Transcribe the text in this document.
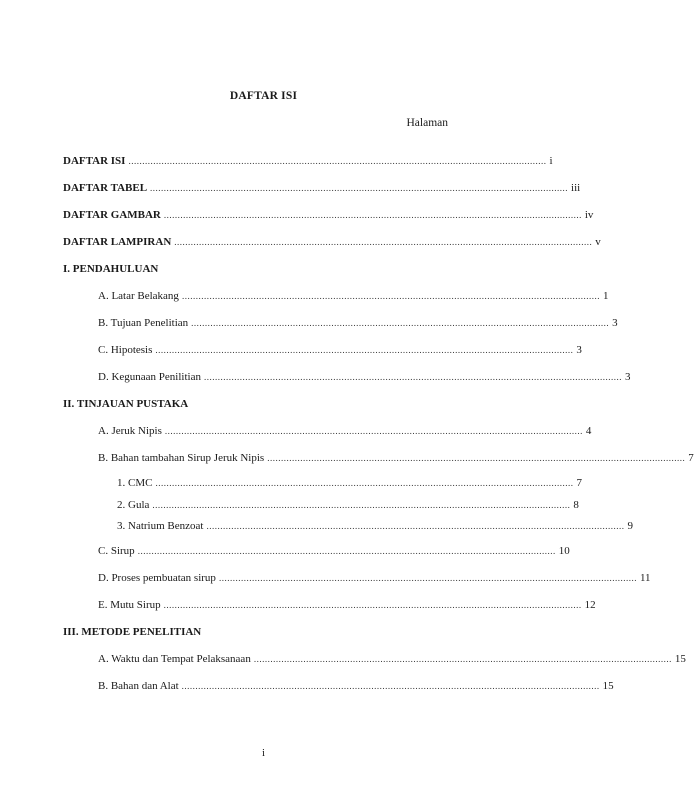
DAFTAR ISI
Halaman
DAFTAR ISI ........................................................................................................................................................ i
DAFTAR TABEL ........................................................................................................................................................ iii
DAFTAR GAMBAR ........................................................................................................................................................ iv
DAFTAR LAMPIRAN ........................................................................................................................................................ v
I. PENDAHULUAN
A. Latar Belakang ........................................................................................................................................................ 1
B. Tujuan Penelitian ........................................................................................................................................................ 3
C. Hipotesis ........................................................................................................................................................ 3
D. Kegunaan Penilitian ........................................................................................................................................................ 3
II. TINJAUAN PUSTAKA
A. Jeruk Nipis ........................................................................................................................................................ 4
B. Bahan tambahan Sirup Jeruk Nipis ........................................................................................................................................................ 7
1. CMC ........................................................................................................................................................ 7
2. Gula ........................................................................................................................................................ 8
3. Natrium Benzoat ........................................................................................................................................................ 9
C. Sirup ........................................................................................................................................................ 10
D. Proses pembuatan sirup ........................................................................................................................................................ 11
E. Mutu Sirup ........................................................................................................................................................ 12
III. METODE PENELITIAN
A. Waktu dan Tempat Pelaksanaan ........................................................................................................................................................ 15
B. Bahan dan Alat ........................................................................................................................................................ 15
i
